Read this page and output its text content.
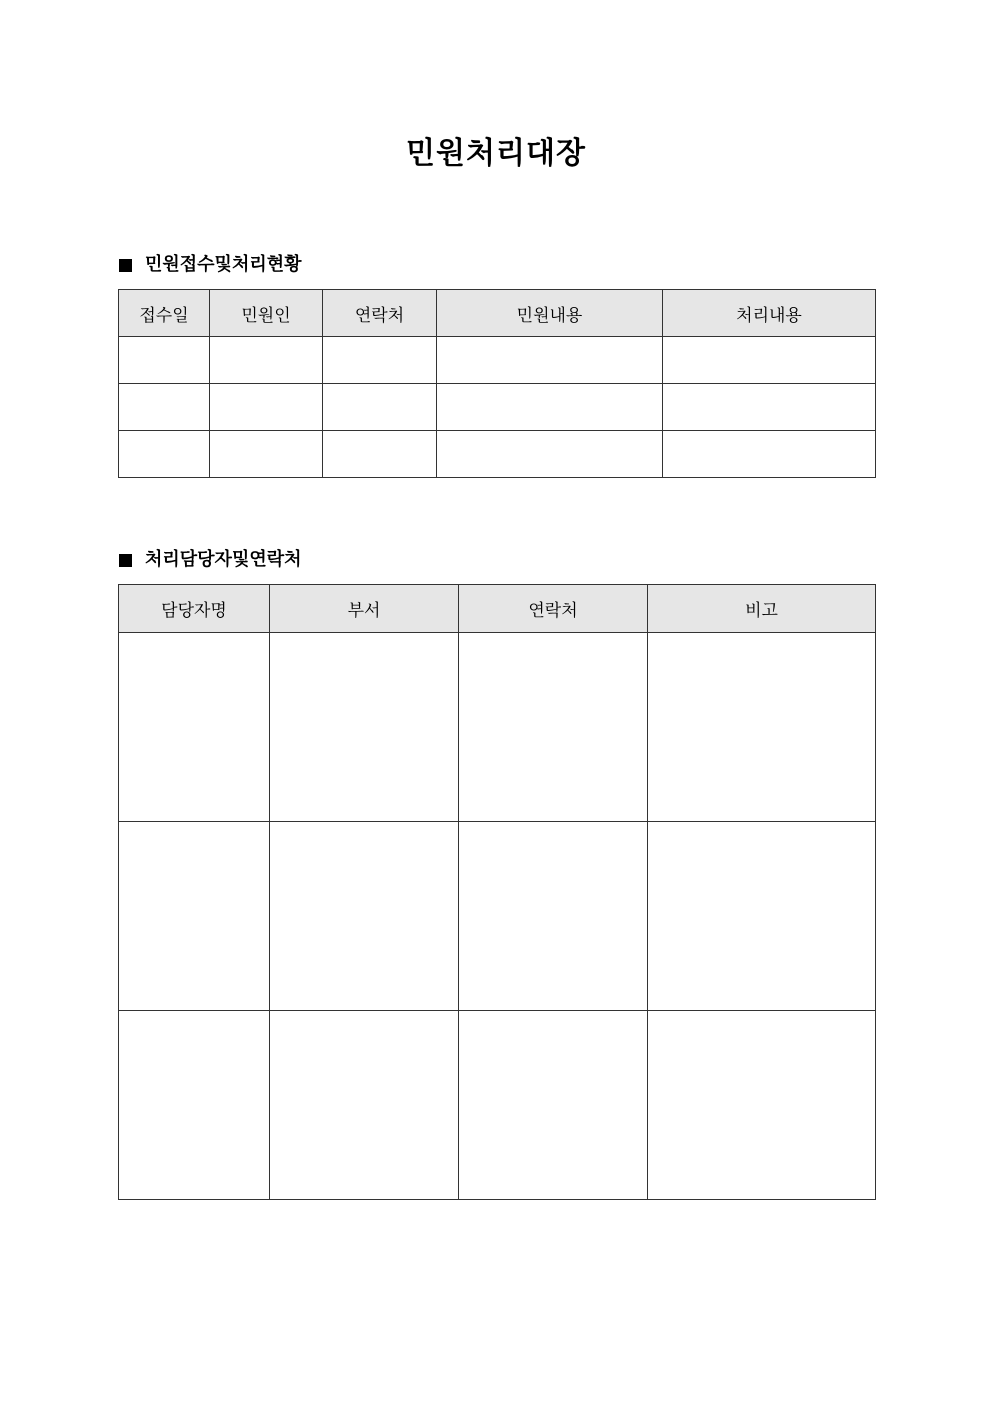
민원처리대장
민원접수및처리현황
접수일	민원인	연락처	민원내용	처리내용

처리담당자및연락처
담당자명	부서	연락처	비고
